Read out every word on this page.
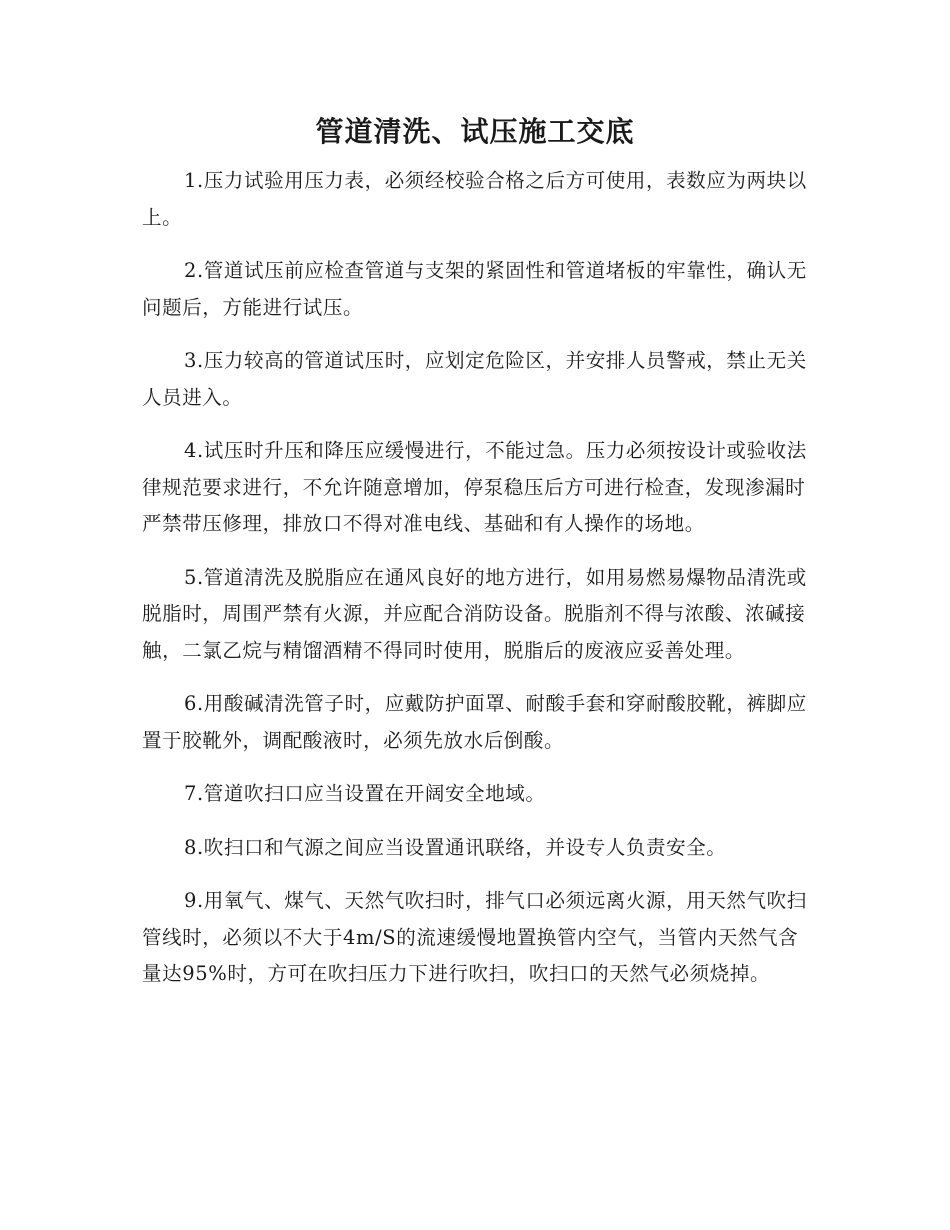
管道清洗、试压施工交底

1.压力试验用压力表，必须经校验合格之后方可使用，表数应为两块以上。

2.管道试压前应检查管道与支架的紧固性和管道堵板的牢靠性，确认无问题后，方能进行试压。

3.压力较高的管道试压时，应划定危险区，并安排人员警戒，禁止无关人员进入。

4.试压时升压和降压应缓慢进行，不能过急。压力必须按设计或验收法律规范要求进行，不允许随意增加，停泵稳压后方可进行检查，发现渗漏时严禁带压修理，排放口不得对准电线、基础和有人操作的场地。

5.管道清洗及脱脂应在通风良好的地方进行，如用易燃易爆物品清洗或脱脂时，周围严禁有火源，并应配合消防设备。脱脂剂不得与浓酸、浓碱接触，二氯乙烷与精馏酒精不得同时使用，脱脂后的废液应妥善处理。

6.用酸碱清洗管子时，应戴防护面罩、耐酸手套和穿耐酸胶靴，裤脚应置于胶靴外，调配酸液时，必须先放水后倒酸。

7.管道吹扫口应当设置在开阔安全地域。

8.吹扫口和气源之间应当设置通讯联络，并设专人负责安全。

9.用氧气、煤气、天然气吹扫时，排气口必须远离火源，用天然气吹扫管线时，必须以不大于4m/S的流速缓慢地置换管内空气，当管内天然气含量达95%时，方可在吹扫压力下进行吹扫，吹扫口的天然气必须烧掉。
